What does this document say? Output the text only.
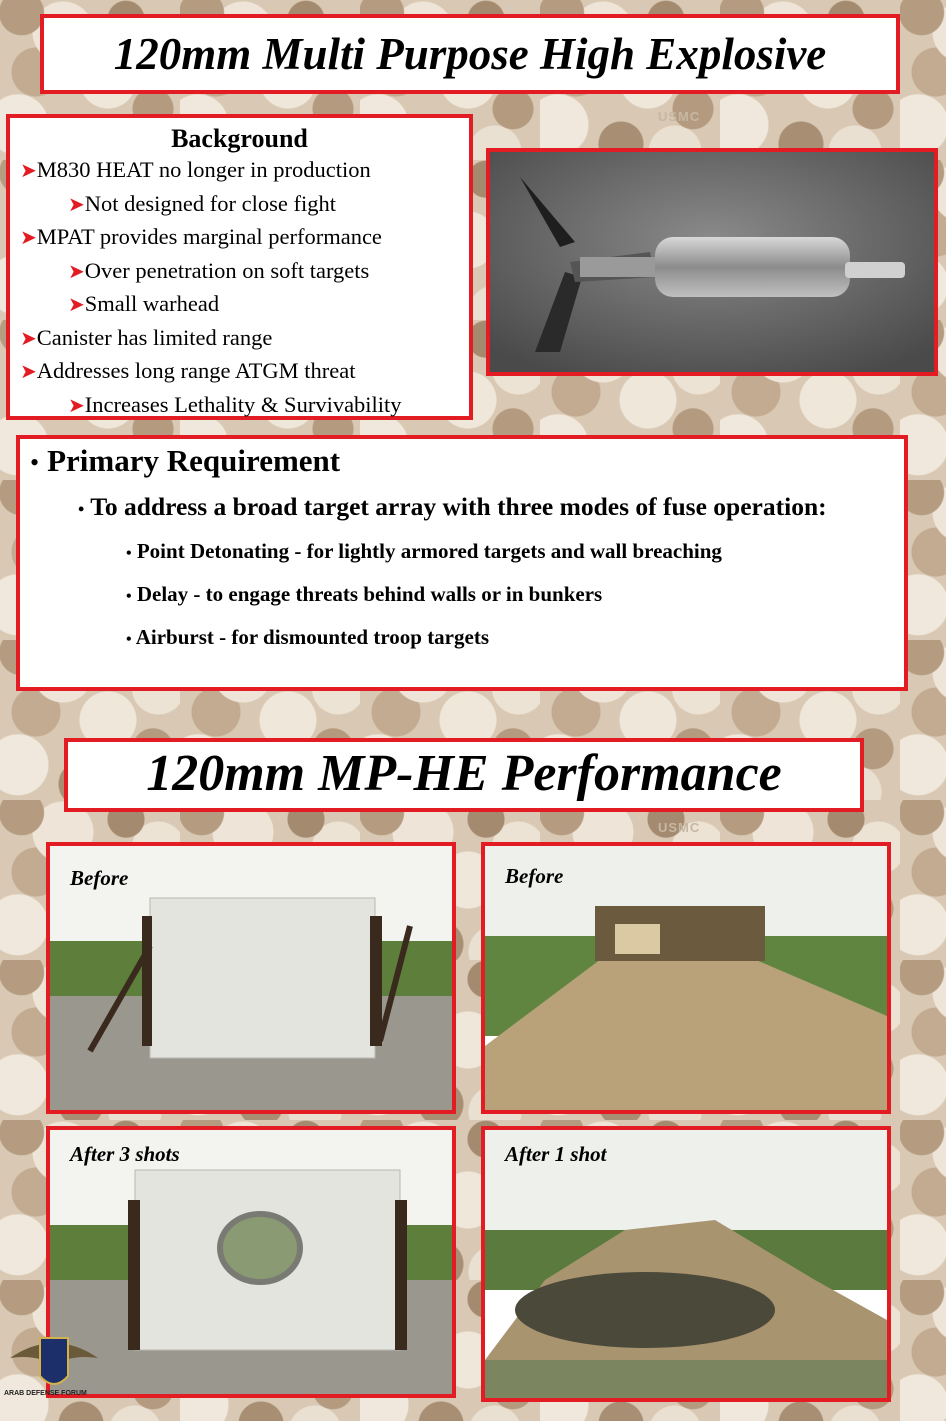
120mm Multi Purpose High Explosive
USMC
Background
➤M830 HEAT no longer in production
➤Not designed for close fight
➤MPAT provides marginal performance
➤Over penetration on soft targets
➤Small warhead
➤Canister has limited range
➤Addresses long range ATGM threat
➤Increases Lethality & Survivability
• Primary Requirement
• To address a broad target array with three modes of fuse operation:
• Point Detonating - for lightly armored targets and wall breaching
• Delay - to engage threats behind walls or in bunkers
• Airburst - for dismounted troop targets
120mm MP-HE Performance
USMC
Before	Before
After 3 shots	After 1 shot
ARAB DEFENSE FORUM
